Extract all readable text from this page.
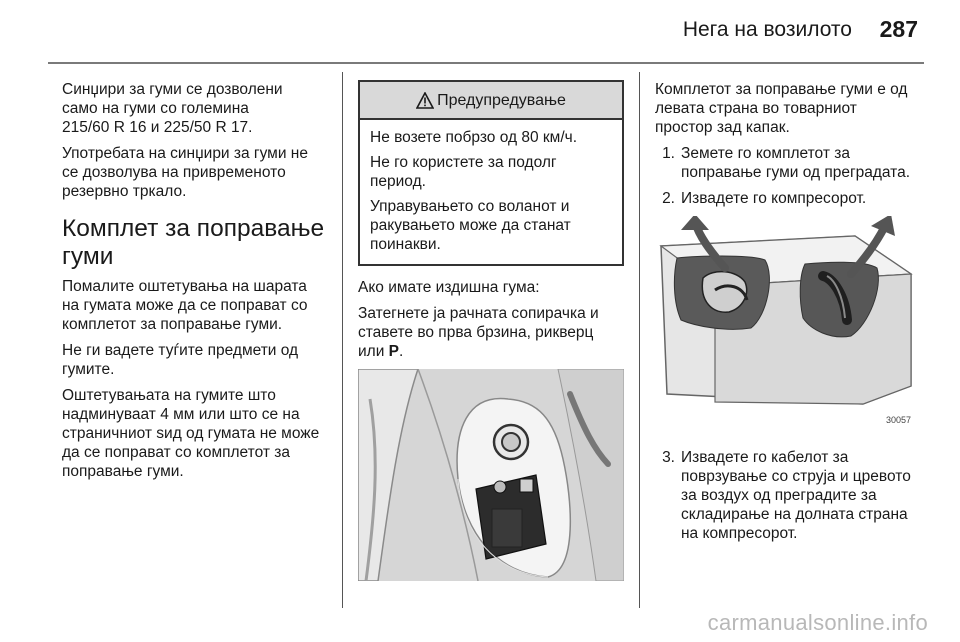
Нега на возилото 287
Синџири за гуми се дозволени
само на гуми со големина
215/60 R 16 и 225/50 R 17.
Употребата на синџири за гуми не
се дозволува на привременото
резервно тркало.
Комплет за поправање
гуми
Помалите оштетувања на шарата
на гумата може да се поправат со
комплетот за поправање гуми.
Не ги вадете туѓите предмети од
гумите.
Оштетувањата на гумите што
надминуваат 4 мм или што се на
страничниот ѕид од гумата не може
да се поправат со комплетот за
поправање гуми.
Предупредување
Не возете побрзо од 80 км/ч.
Не го користете за подолг
период.
Управувањето со воланот и
ракувањето може да станат
поинакви.
Ако имате издишна гума:
Затегнете ја рачната сопирачка и
ставете во прва брзина, рикверц
или P.
Комплетот за поправање гуми е од
левата страна во товарниот
простор зад капак.
1. Земете го комплетот за
поправање гуми од преградата.
2. Извадете го компресорот.
30057
3. Извадете го кабелот за
поврзување со струја и цревото
за воздух од преградите за
складирање на долната страна
на компресорот.
carmanualsonline.info
